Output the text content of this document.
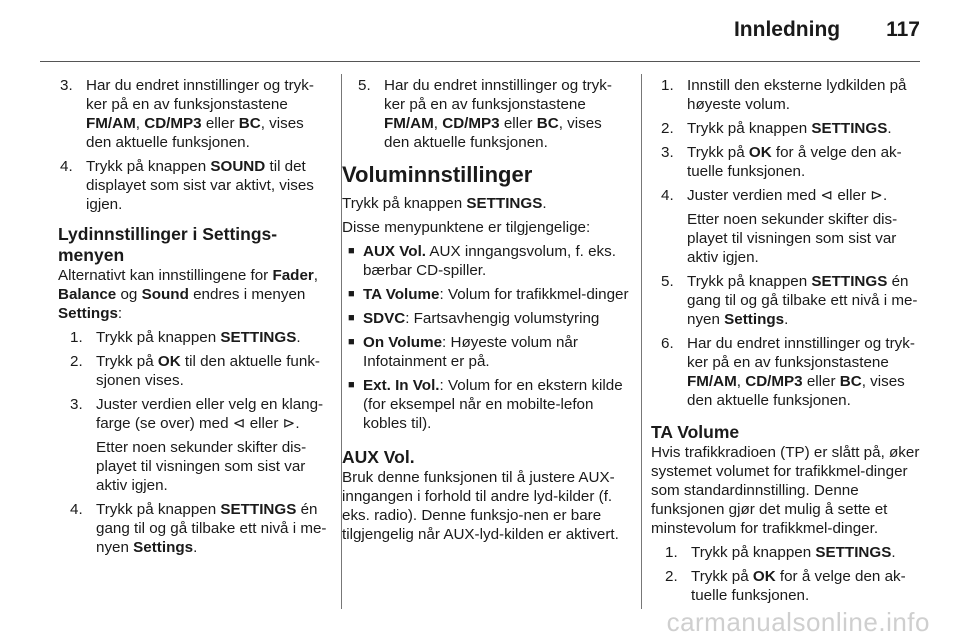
Innledning 117
3. Har du endret innstillinger og tryk-ker på en av funksjonstastene FM/AM, CD/MP3 eller BC, vises den aktuelle funksjonen.
4. Trykk på knappen SOUND til det displayet som sist var aktivt, vises igjen.
Lydinnstillinger i Settings-menyen

Alternativt kan innstillingene for Fader, Balance og Sound endres i menyen Settings:

1. Trykk på knappen SETTINGS.
2. Trykk på OK til den aktuelle funk-sjonen vises.
3. Juster verdien eller velg en klang-farge (se over) med ⊲ eller ⊳.
Etter noen sekunder skifter dis-playet til visningen som sist var aktiv igjen.
4. Trykk på knappen SETTINGS én gang til og gå tilbake ett nivå i me-nyen Settings.
5. Har du endret innstillinger og tryk-ker på en av funksjonstastene FM/AM, CD/MP3 eller BC, vises den aktuelle funksjonen.
Voluminnstillinger

Trykk på knappen SETTINGS.

Disse menypunktene er tilgjengelige:

■ AUX Vol. AUX inngangsvolum, f. eks. bærbar CD-spiller.
■ TA Volume: Volum for trafikkmel-dinger
■ SDVC: Fartsavhengig volumstyring
■ On Volume: Høyeste volum når Infotainment er på.
■ Ext. In Vol.: Volum for en ekstern kilde (for eksempel når en mobilte-lefon kobles til).
AUX Vol.

Bruk denne funksjonen til å justere AUX-inngangen i forhold til andre lyd-kilder (f. eks. radio). Denne funksjo-nen er bare tilgjengelig når AUX-lyd-kilden er aktivert.

1. Innstill den eksterne lydkilden på høyeste volum.
2. Trykk på knappen SETTINGS.
3. Trykk på OK for å velge den ak-tuelle funksjonen.
4. Juster verdien med ⊲ eller ⊳.
Etter noen sekunder skifter dis-playet til visningen som sist var aktiv igjen.
5. Trykk på knappen SETTINGS én gang til og gå tilbake ett nivå i me-nyen Settings.
6. Har du endret innstillinger og tryk-ker på en av funksjonstastene FM/AM, CD/MP3 eller BC, vises den aktuelle funksjonen.
TA Volume

Hvis trafikkradioen (TP) er slått på, øker systemet volumet for trafikkmel-dinger som standardinnstilling. Denne funksjonen gjør det mulig å sette et minstevolum for trafikkmel-dinger.

1. Trykk på knappen SETTINGS.
2. Trykk på OK for å velge den ak-tuelle funksjonen.
carmanualsonline.info
